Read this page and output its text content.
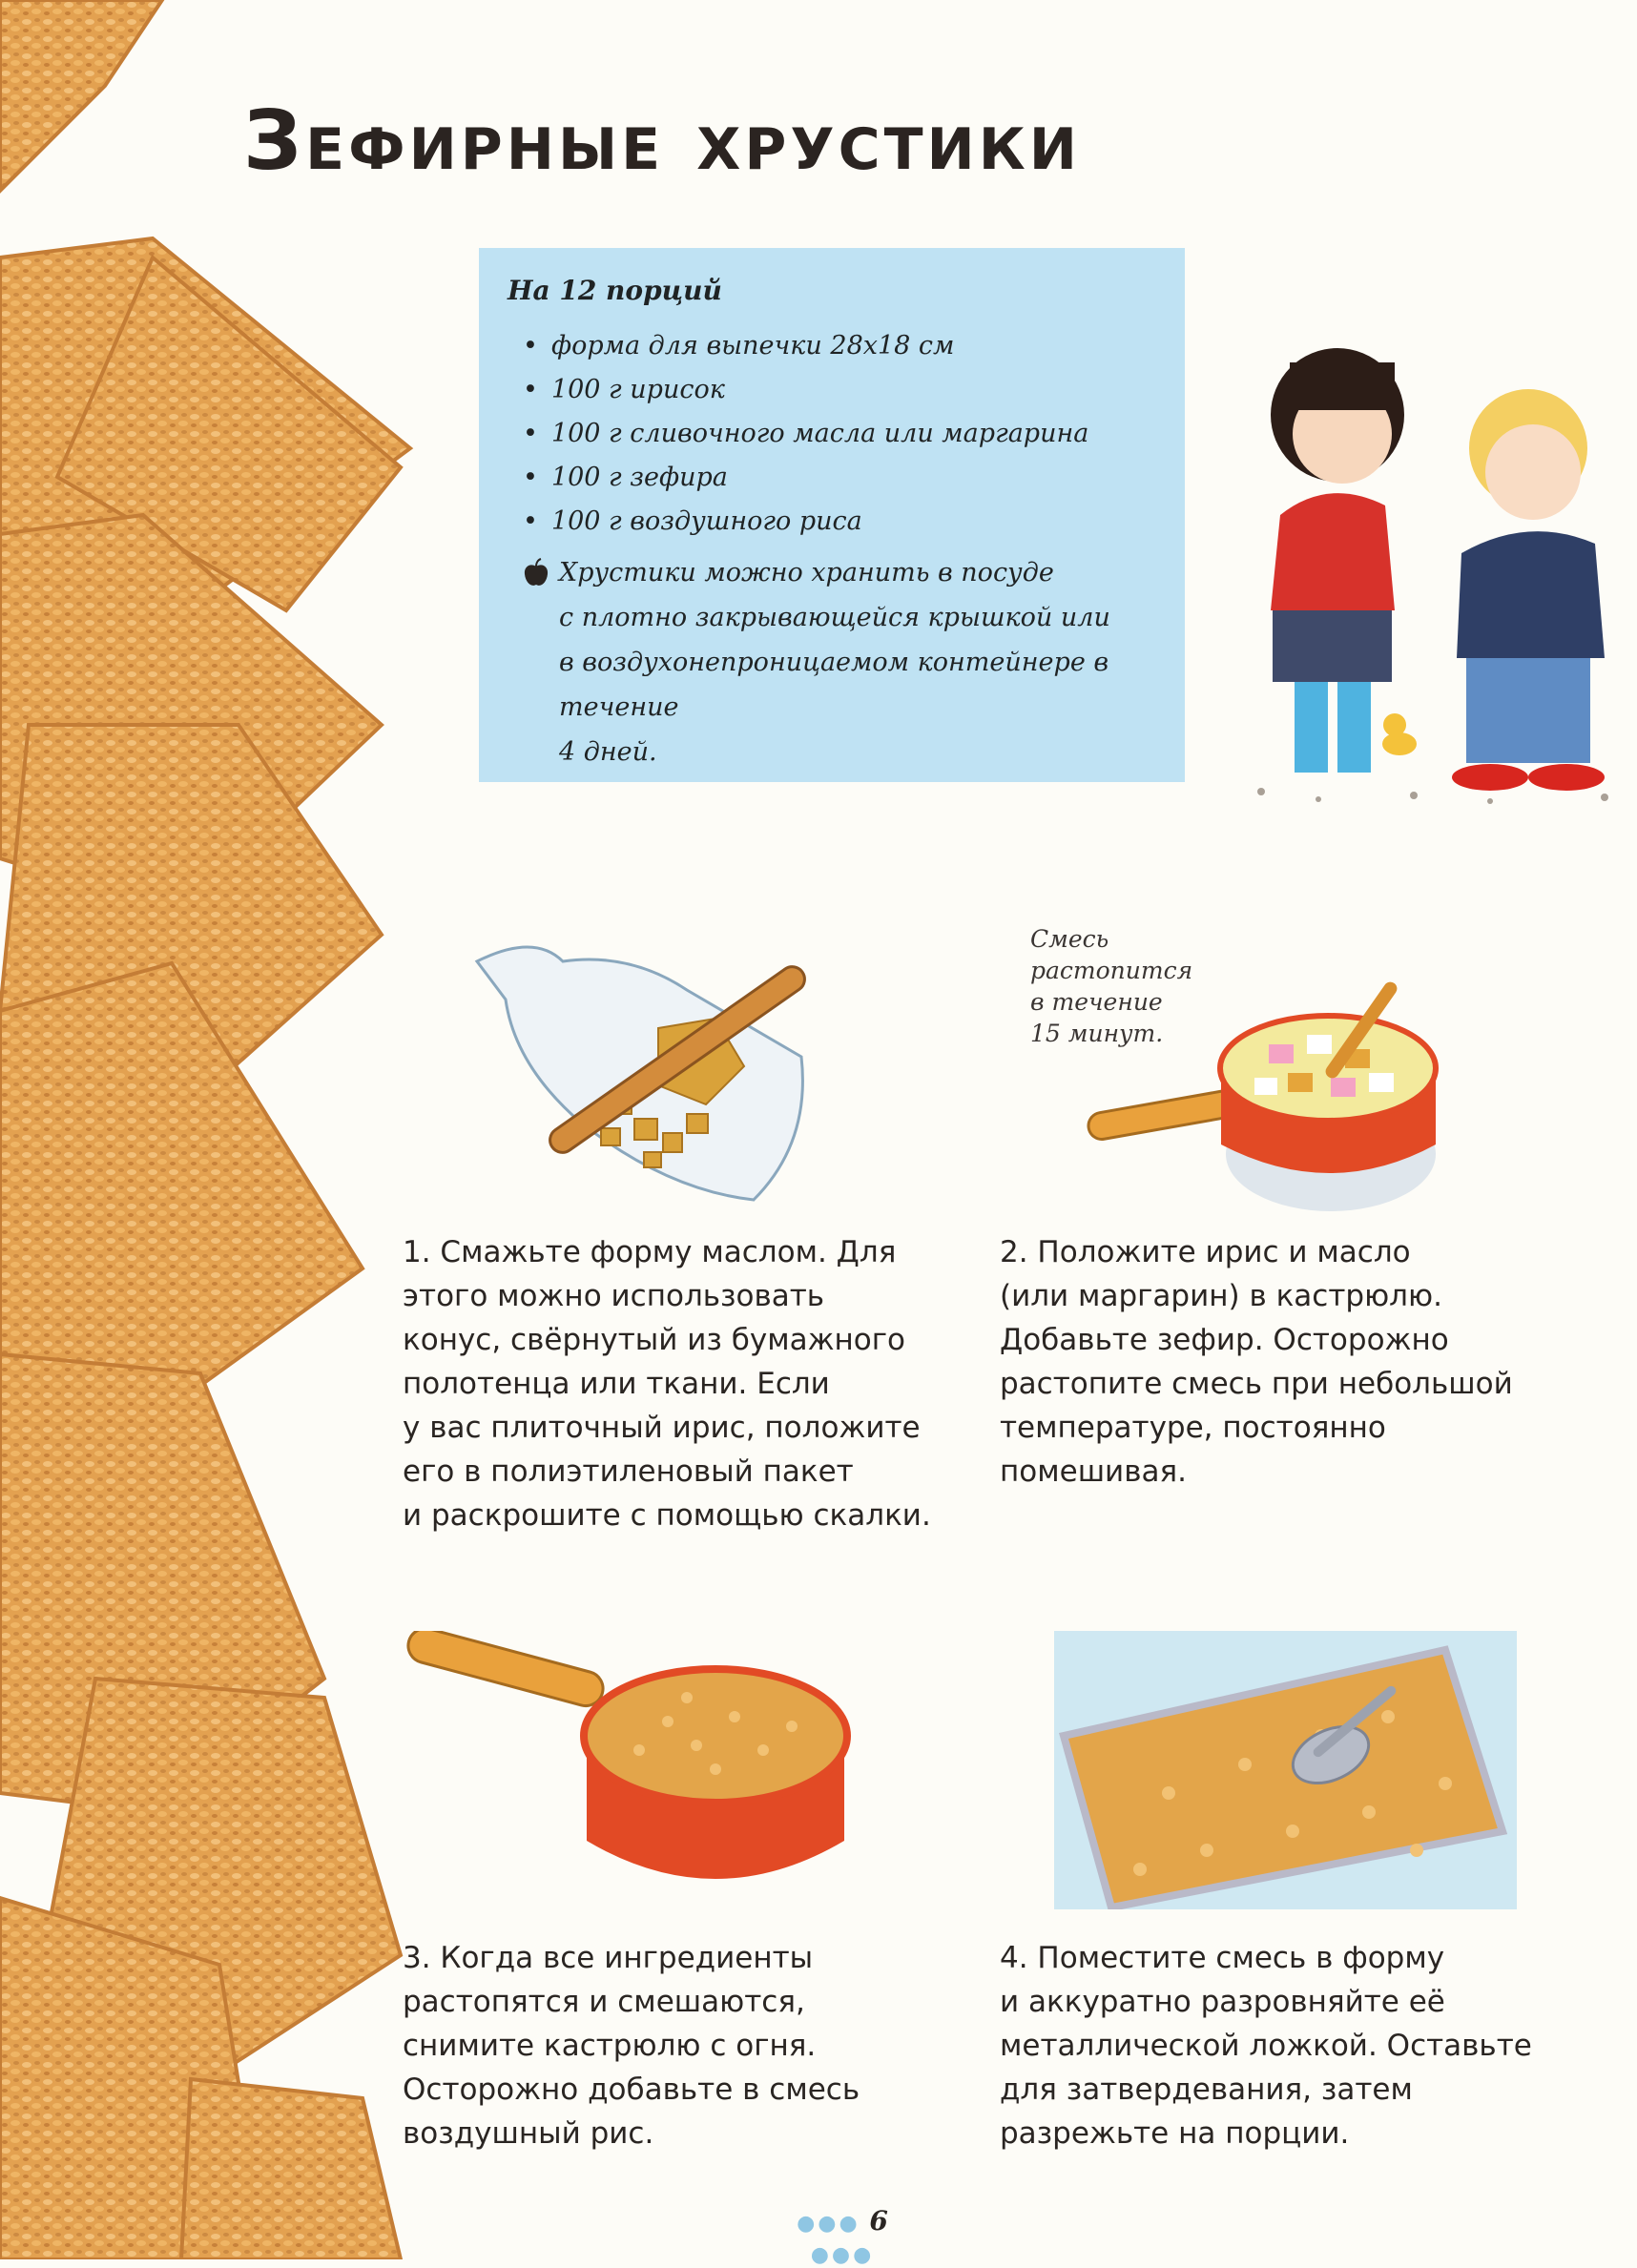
Зефирные хрустики
На 12 порций
• форма для выпечки 28х18 см
• 100 г ирисок
• 100 г сливочного масла или маргарина
• 100 г зефира
• 100 г воздушного риса
Хрустики можно хранить в посуде
с плотно закрывающейся крышкой или
в воздухонепроницаемом контейнере в течение
4 дней.
Смесь растопится
в течение
15 минут.
1. Смажьте форму маслом. Для
этого можно использовать
конус, свёрнутый из бумажного
полотенца или ткани. Если
у вас плиточный ирис, положите
его в полиэтиленовый пакет
и раскрошите с помощью скалки.
2. Положите ирис и масло
(или маргарин) в кастрюлю.
Добавьте зефир. Осторожно
растопите смесь при небольшой
температуре, постоянно
помешивая.
3. Когда все ингредиенты
растопятся и смешаются,
снимите кастрюлю с огня.
Осторожно добавьте в смесь
воздушный рис.
4. Поместите смесь в форму
и аккуратно разровняйте её
металлической ложкой. Оставьте
для затвердевания, затем
разрежьте на порции.
●●● 6 ●●●
